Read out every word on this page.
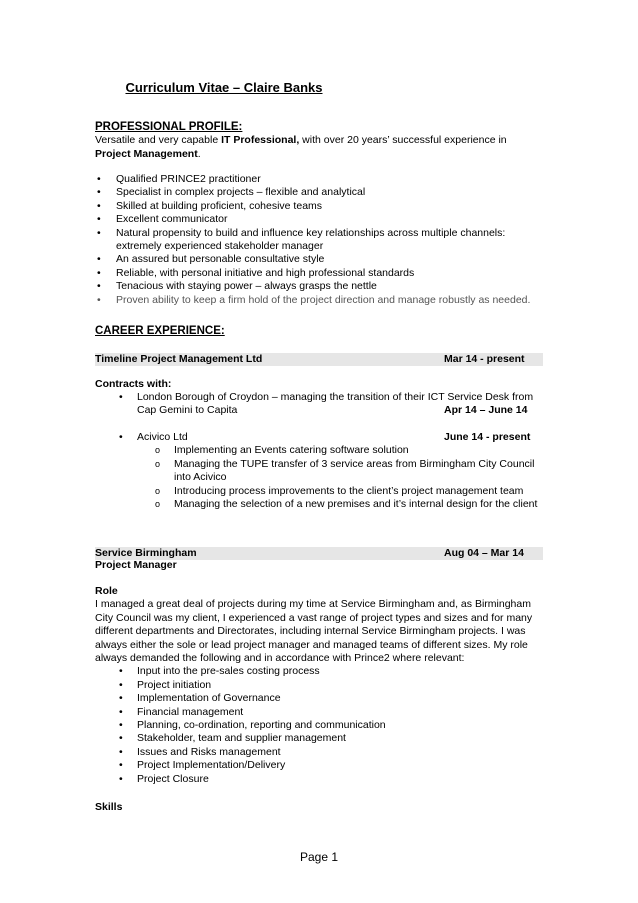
Curriculum Vitae – Claire Banks
PROFESSIONAL PROFILE:
Versatile and very capable IT Professional, with over 20 years’ successful experience in Project Management.
• Qualified PRINCE2 practitioner
• Specialist in complex projects – flexible and analytical
• Skilled at building proficient, cohesive teams
• Excellent communicator
• Natural propensity to build and influence key relationships across multiple channels: extremely experienced stakeholder manager
• An assured but personable consultative style
• Reliable, with personal initiative and high professional standards
• Tenacious with staying power – always grasps the nettle
• Proven ability to keep a firm hold of the project direction and manage robustly as needed.
CAREER EXPERIENCE:
Timeline Project Management Ltd	Mar 14 - present
Contracts with:
• London Borough of Croydon – managing the transition of their ICT Service Desk from Cap Gemini to Capita	Apr 14 – June 14
• Acivico Ltd	June 14 - present
o Implementing an Events catering software solution
o Managing the TUPE transfer of 3 service areas from Birmingham City Council into Acivico
o Introducing process improvements to the client’s project management team
o Managing the selection of a new premises and it’s internal design for the client
Service Birmingham	Aug 04 – Mar 14
Project Manager
Role
I managed a great deal of projects during my time at Service Birmingham and, as Birmingham City Council was my client, I experienced a vast range of project types and sizes and for many different departments and Directorates, including internal Service Birmingham projects. I was always either the sole or lead project manager and managed teams of different sizes. My role always demanded the following and in accordance with Prince2 where relevant:
• Input into the pre-sales costing process
• Project initiation
• Implementation of Governance
• Financial management
• Planning, co-ordination, reporting and communication
• Stakeholder, team and supplier management
• Issues and Risks management
• Project Implementation/Delivery
• Project Closure
Skills
Page 1
